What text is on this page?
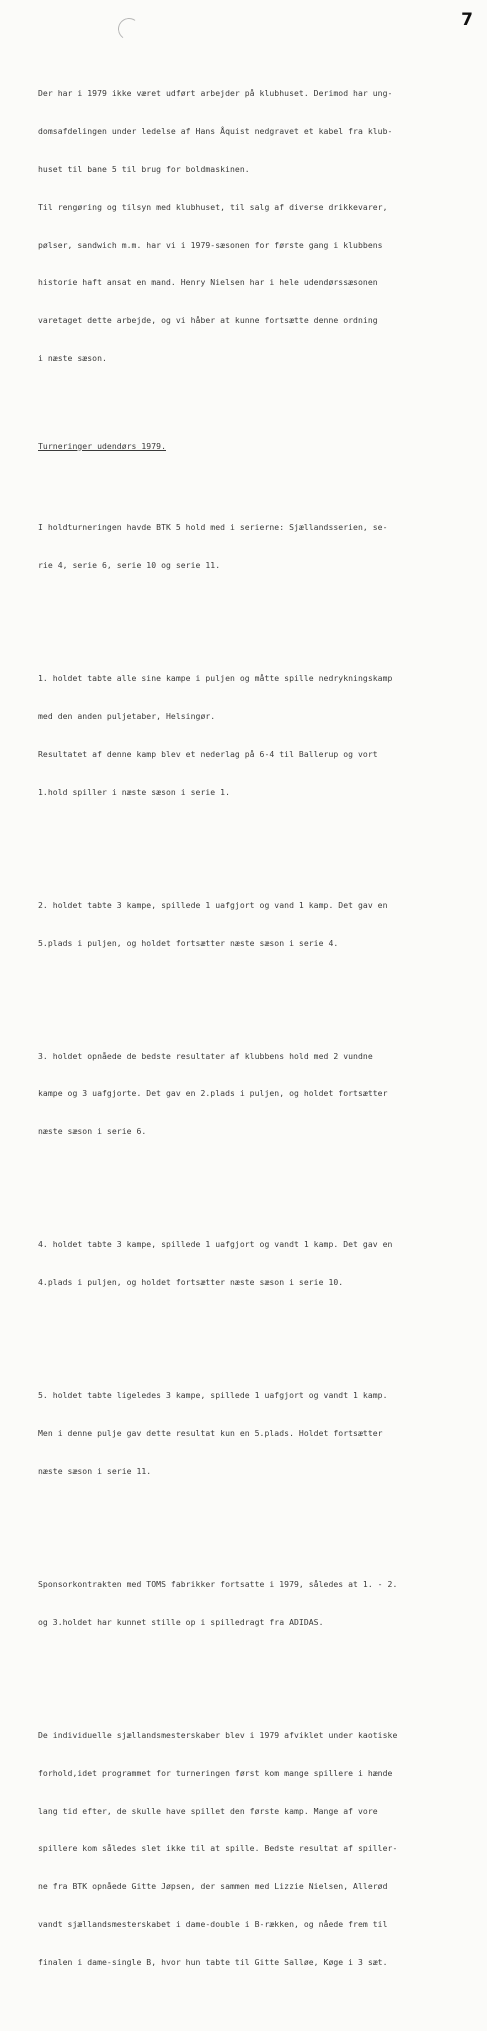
7

Der har i 1979 ikke været udført arbejder på klubhuset. Derimod har ung-

domsafdelingen under ledelse af Hans Åquist nedgravet et kabel fra klub-

huset til bane 5 til brug for boldmaskinen.

Til rengøring og tilsyn med klubhuset, til salg af diverse drikkevarer,

pølser, sandwich m.m. har vi i 1979-sæsonen for første gang i klubbens

historie haft ansat en mand. Henry Nielsen har i hele udendørssæsonen

varetaget dette arbejde, og vi håber at kunne fortsætte denne ordning

i næste sæson.

Turneringer udendørs 1979.

I holdturneringen havde BTK 5 hold med i serierne: Sjællandsserien, se-

rie 4, serie 6, serie 10 og serie 11.

1. holdet tabte alle sine kampe i puljen og måtte spille nedrykningskamp

med den anden puljetaber, Helsingør.

Resultatet af denne kamp blev et nederlag på 6-4 til Ballerup og vort

1.hold spiller i næste sæson i serie 1.

2. holdet tabte 3 kampe, spillede 1 uafgjort og vand 1 kamp. Det gav en

5.plads i puljen, og holdet fortsætter næste sæson i serie 4.

3. holdet opnåede de bedste resultater af klubbens hold med 2 vundne

kampe og 3 uafgjorte. Det gav en 2.plads i puljen, og holdet fortsætter

næste sæson i serie 6.

4. holdet tabte 3 kampe, spillede 1 uafgjort og vandt 1 kamp. Det gav en

4.plads i puljen, og holdet fortsætter næste sæson i serie 10.

5. holdet tabte ligeledes 3 kampe, spillede 1 uafgjort og vandt 1 kamp.

Men i denne pulje gav dette resultat kun en 5.plads. Holdet fortsætter

næste sæson i serie 11.

Sponsorkontrakten med TOMS fabrikker fortsatte i 1979, således at 1. - 2.

og 3.holdet har kunnet stille op i spilledragt fra ADIDAS.

De individuelle sjællandsmesterskaber blev i 1979 afviklet under kaotiske

forhold,idet programmet for turneringen først kom mange spillere i hænde

lang tid efter, de skulle have spillet den første kamp. Mange af vore

spillere kom således slet ikke til at spille. Bedste resultat af spiller-

ne fra BTK opnåede Gitte Jøpsen, der sammen med Lizzie Nielsen, Allerød

vandt sjællandsmesterskabet i dame-double i B-rækken, og nåede frem til

finalen i dame-single B, hvor hun tabte til Gitte Salløe, Køge i 3 sæt.
